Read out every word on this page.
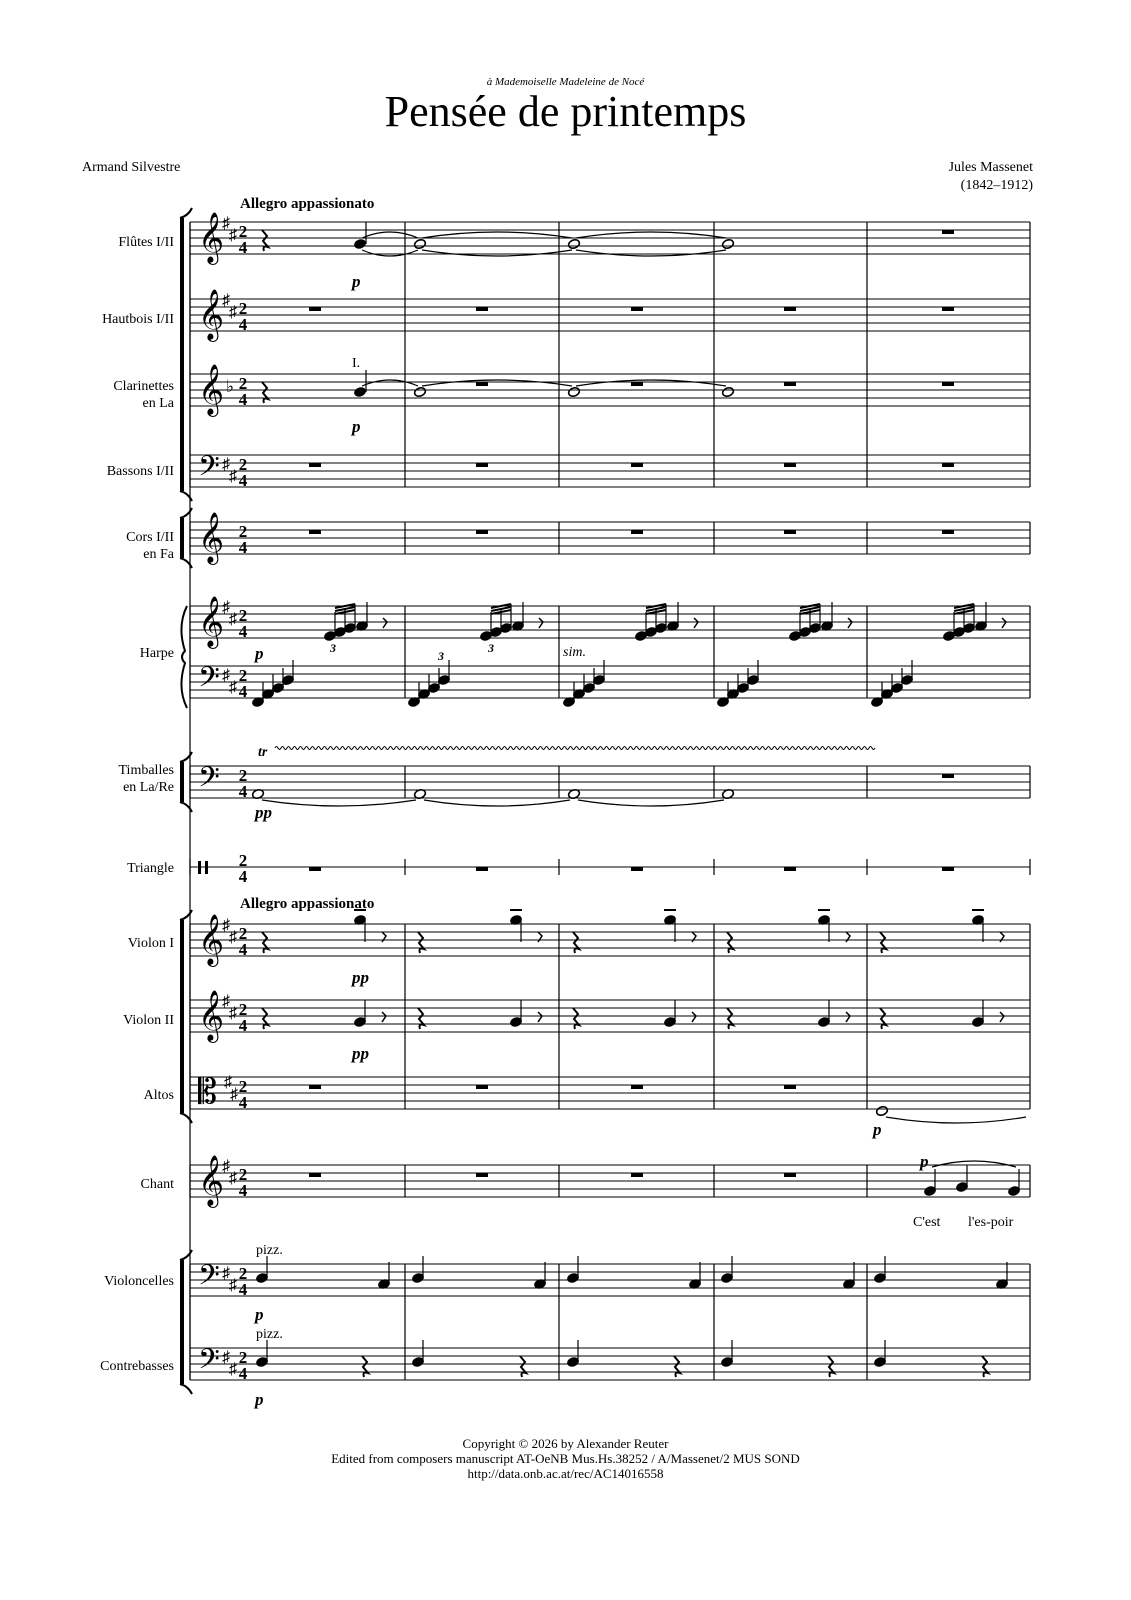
à Mademoiselle Madeleine de Nocé
Pensée de printemps
Armand Silvestre	Jules Massenet
(1842–1912)
Allegro appassionato
Allegro appassionato
Flûtes I/II
Hautbois I/II
Clarinettes
en La
Bassons I/II
Cors I/II
en Fa
Harpe
Timballes
en La/Re
Triangle
Violon I
Violon II
Altos
Chant
Violoncelles
Contrebasses
𝄞
𝄞
𝄞
𝄞
𝄞
𝄞
𝄞
𝄞
𝄢
𝄢
𝄢
𝄢
𝄢
𝄡
♯
♯
♯
♯
♯
♯
♯
♯
♯
♯
♯
♯
♯
♯
♯
♯
♯
♯
♯
♯
♯
♯
♭
p
p
p
pp
pp
pp
p
p
p
p
I.
sim.
pizz.
pizz.
tr
C'est l'es-poir
3
3
3
3
2
4
2
4
2
4
2
4
2
4
2
4
2
4
2
4
2
4
2
4
2
4
2
4
2
4
2
4
2
4
Copyright © 2026 by Alexander Reuter
Edited from composers manuscript AT-OeNB Mus.Hs.38252 / A/Massenet/2 MUS SOND
http://data.onb.ac.at/rec/AC14016558
